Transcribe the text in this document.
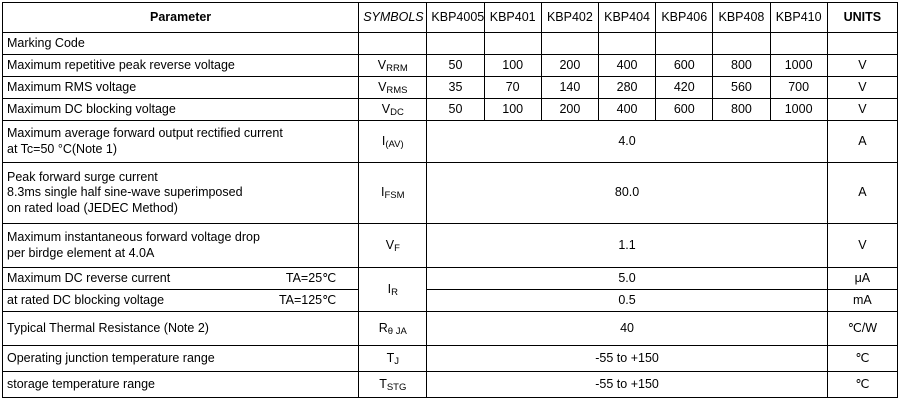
Parameter	SYMBOLS	KBP4005	KBP401	KBP402	KBP404	KBP406	KBP408	KBP410	UNITS
Marking Code									
Maximum repetitive peak reverse voltage	$V_{RRM}$	50	100	200	400	600	800	1000	V
Maximum RMS voltage	$V_{RMS}$	35	70	140	280	420	560	700	V
Maximum DC blocking voltage	$V_{DC}$	50	100	200	400	600	800	1000	V

Maximum average forward output rectified current
at Tc=50 °C(Note 1)	$I_{(AV)}$	4.0							A

Peak forward surge current
8.3ms single half sine-wave superimposed
on rated load (JEDEC Method)	$I_{FSM}$	80.0							A

Maximum instantaneous forward voltage drop
per birdge element at 4.0A	$V_F$	1.1							V
Maximum DC reverse current TA=25℃	$I_R$	5.0							μA
at rated DC blocking voltage TA=125℃		0.5							mA
Typical Thermal Resistance (Note 2)	$R_{\theta JA}$	40							℃/W
Operating junction temperature range	$T_J$	-55 to +150							℃
storage temperature range	$T_{STG}$	-55 to +150							℃
